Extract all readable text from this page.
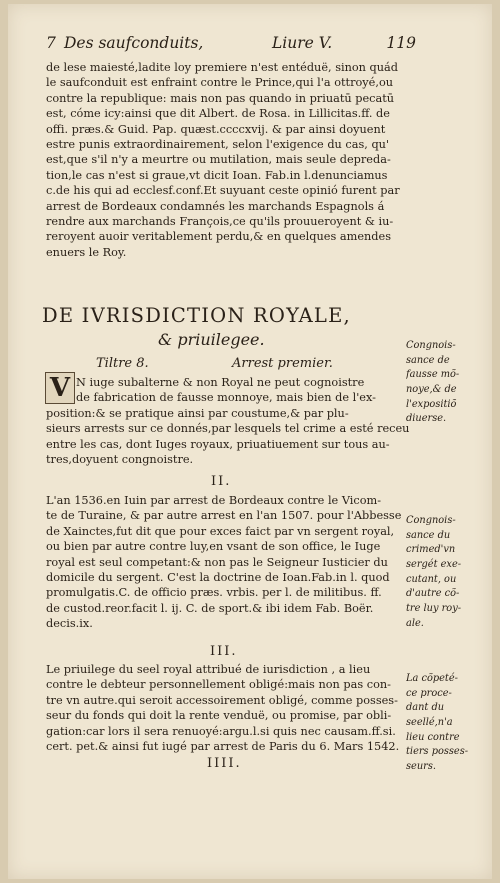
7 Des saufconduits,	Liure V.	119
de lese maiesté,ladite loy premiere n'est entéduë, sinon quád
le saufconduit est enfraint contre le Prince,qui l'a ottroyé,ou
contre la republique: mais non pas quando in priuatū pecatū
est, cóme icy:ainsi que dit Albert. de Rosa. in Lillicitas.ff. de
offi. præs.& Guid. Pap. quæst.ccccxvij. & par ainsi doyuent
estre punis extraordinairement, selon l'exigence du cas, qu'
est,que s'il n'y a meurtre ou mutilation, mais seule depreda-
tion,le cas n'est si graue,vt dicit Ioan. Fab.in l.denunciamus
c.de his qui ad ecclesf.conf.Et suyuant ceste opinió furent par
arrest de Bordeaux condamnés les marchands Espagnols á
rendre aux marchands François,ce qu'ils prouueroyent & iu-
reroyent auoir veritablement perdu,& en quelques amendes
enuers le Roy.
DE IVRISDICTION ROYALE,
& priuilegee.
Tiltre 8.	Arrest premier.
V N iuge subalterne & non Royal ne peut cognoistre
de fabrication de fausse monnoye, mais bien de l'ex-
position:& se pratique ainsi par coustume,& par plu-
sieurs arrests sur ce donnés,par lesquels tel crime a esté receu
entre les cas, dont Iuges royaux, priuatiuement sur tous au-
tres,doyuent congnoistre.
II.
L'an 1536.en Iuin par arrest de Bordeaux contre le Vicom-
te de Turaine, & par autre arrest en l'an 1507. pour l'Abbesse
de Xainctes,fut dit que pour exces faict par vn sergent royal,
ou bien par autre contre luy,en vsant de son office, le Iuge
royal est seul competant:& non pas le Seigneur Iusticier du
domicile du sergent. C'est la doctrine de Ioan.Fab.in l. quod
promulgatis.C. de officio præs. vrbis. per l. de militibus. ff.
de custod.reor.facit l. ij. C. de sport.& ibi idem Fab. Boër.
decis.ix.
III.
Le priuilege du seel royal attribué de iurisdiction , a lieu
contre le debteur personnellement obligé:mais non pas con-
tre vn autre.qui seroit accessoirement obligé, comme posses-
seur du fonds qui doit la rente venduë, ou promise, par obli-
gation:car lors il sera renuoyé:argu.l.si quis nec causam.ff.si.
cert. pet.& ainsi fut iugé par arrest de Paris du 6. Mars 1542.
IIII.
Congnois-
sance de
fausse mõ-
noye,& de
l'expositiõ
diuerse.
Congnois-
sance du
crimed'vn
sergét exe-
cutant, ou
d'autre cõ-
tre luy roy-
ale.
La cõpeté-
ce proce-
dant du
seellé,n'a
lieu contre
tiers posses-
seurs.
